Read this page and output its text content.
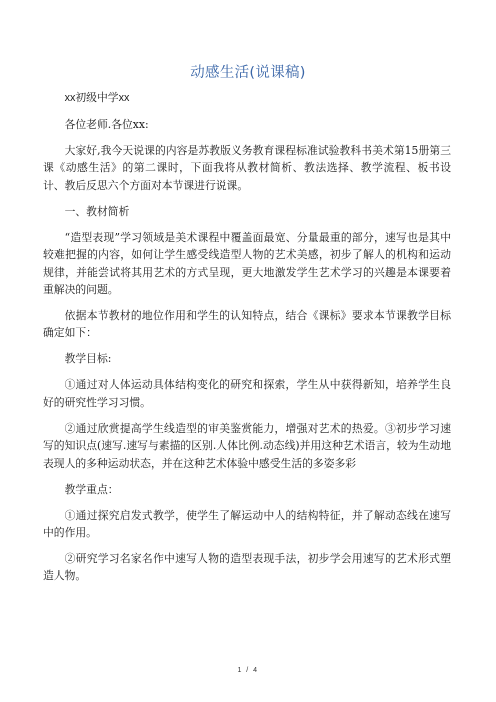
动感生活(说课稿)

xx初级中学xx

各位老师.各位xx:

大家好,我今天说课的内容是苏教版义务教育课程标准试验教科书美术第15册第三课《动感生活》的第二课时，下面我将从教材简析、教法选择、教学流程、板书设计、教后反思六个方面对本节课进行说课。

一、教材简析

“造型表现”学习领域是美术课程中覆盖面最宽、分量最重的部分，速写也是其中较难把握的内容，如何让学生感受线造型人物的艺术美感，初步了解人的机构和运动规律，并能尝试将其用艺术的方式呈现，更大地激发学生艺术学习的兴趣是本课要着重解决的问题。

依据本节教材的地位作用和学生的认知特点，结合《课标》要求本节课教学目标确定如下：

教学目标:

①通过对人体运动具体结构变化的研究和探索，学生从中获得新知，培养学生良好的研究性学习习惯。

②通过欣赏提高学生线造型的审美鉴赏能力，增强对艺术的热爱。③初步学习速写的知识点(速写.速写与素描的区别.人体比例.动态线)并用这种艺术语言，较为生动地表现人的多种运动状态，并在这种艺术体验中感受生活的多姿多彩

教学重点：

①通过探究启发式教学，使学生了解运动中人的结构特征，并了解动态线在速写中的作用。

②研究学习名家名作中速写人物的造型表现手法，初步学会用速写的艺术形式塑造人物。

1 / 4
